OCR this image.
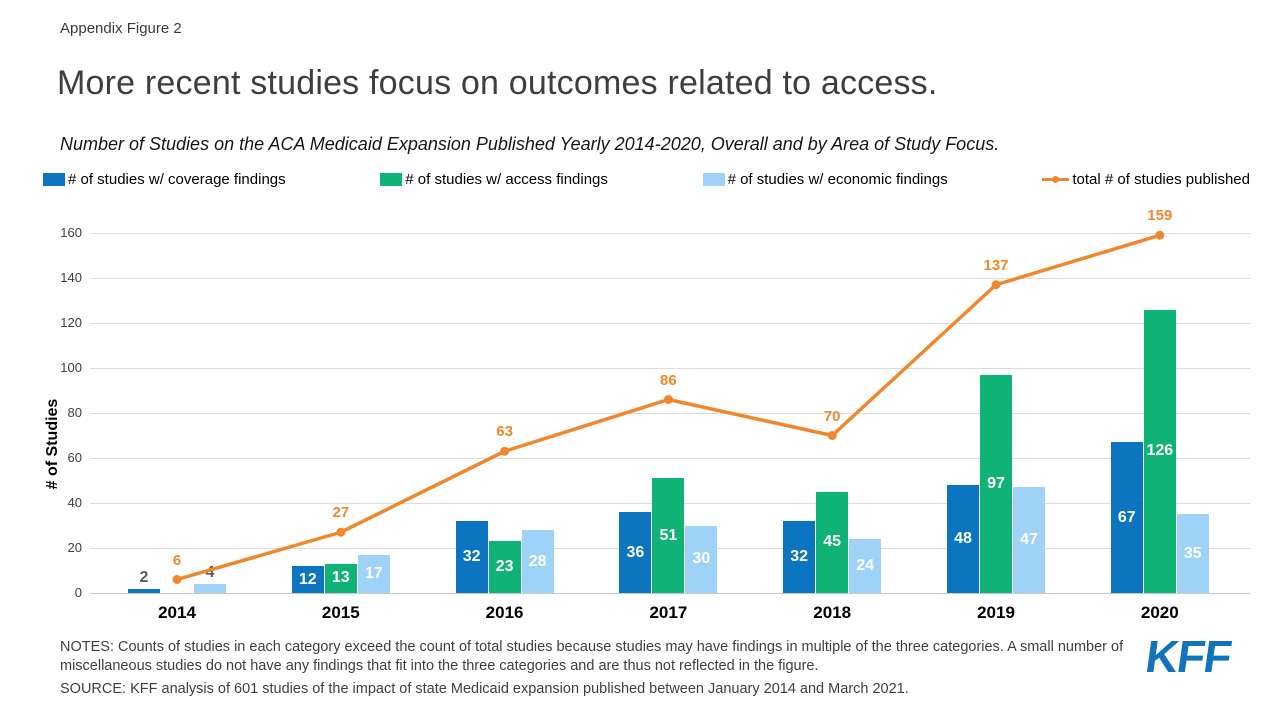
Appendix Figure 2
More recent studies focus on outcomes related to access.
Number of Studies on the ACA Medicaid Expansion Published Yearly 2014-2020, Overall and by Area of Study Focus.
# of studies w/ coverage findings	# of studies w/ access findings	# of studies w/ economic findings	total # of studies published
0
20
40
60
80
100
120
140
160
# of Studies
2	4
2014
12 13 17
2015
32
23 28
2016
36
51
30
2017
32
45
24
2018
48
97
47
2019
67
126
35
2020
6
27
63
86
70
137
159
NOTES: Counts of studies in each category exceed the count of total studies because studies may have findings in multiple of the three categories. A small number of miscellaneous studies do not have any findings that fit into the three categories and are thus not reflected in the figure.
SOURCE: KFF analysis of 601 studies of the impact of state Medicaid expansion published between January 2014 and March 2021.
KFF
